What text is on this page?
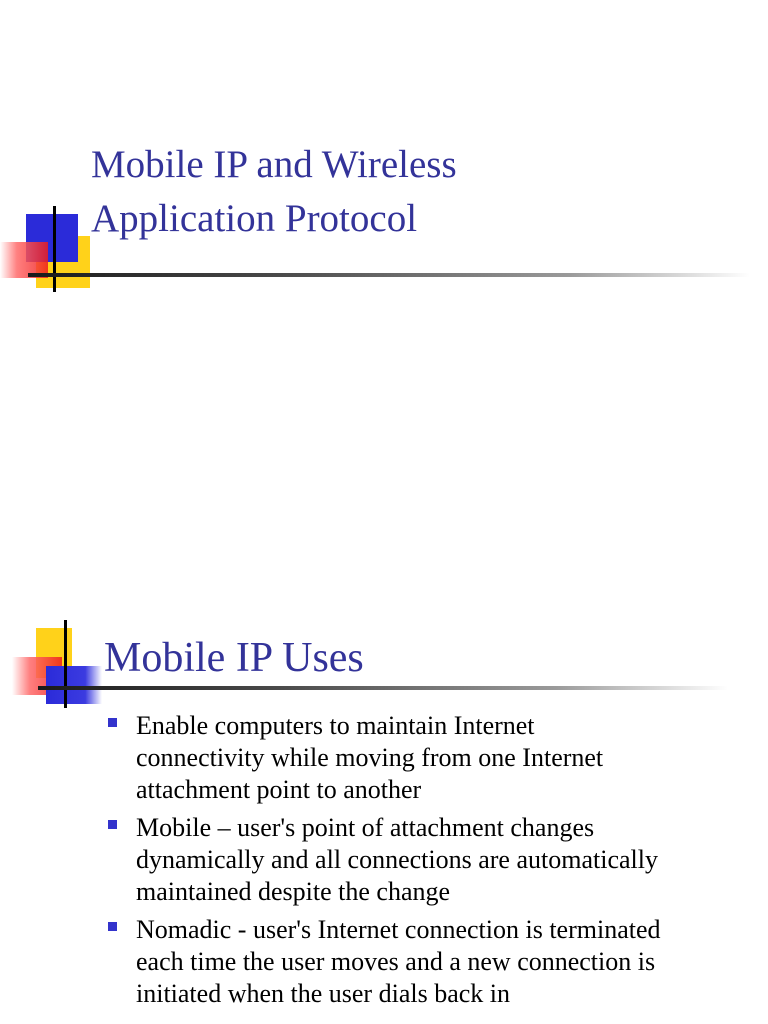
Mobile IP and Wireless
Application Protocol
Mobile IP Uses
Enable computers to maintain Internet
connectivity while moving from one Internet
attachment point to another
Mobile – user's point of attachment changes
dynamically and all connections are automatically
maintained despite the change
Nomadic - user's Internet connection is terminated
each time the user moves and a new connection is
initiated when the user dials back in
